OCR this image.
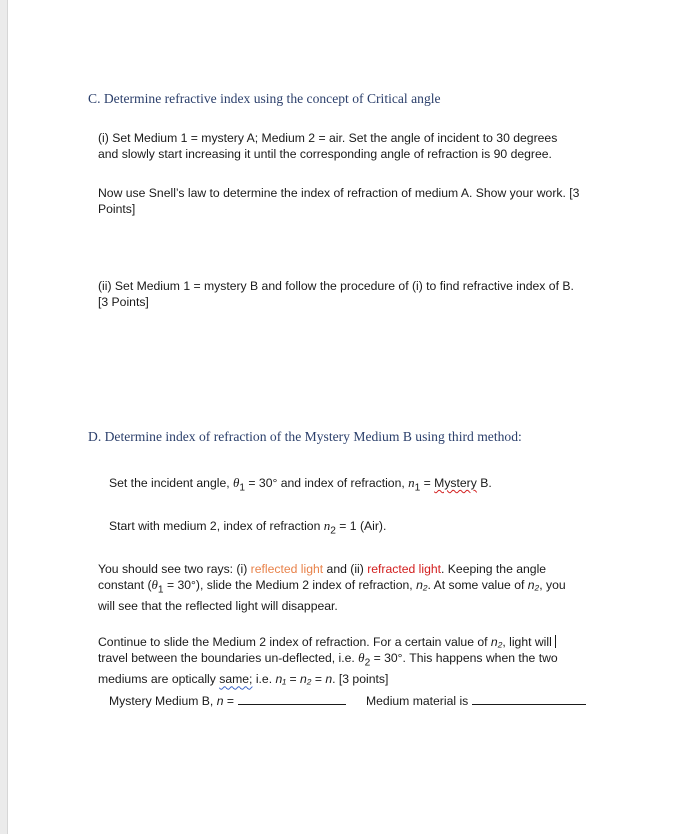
C. Determine refractive index using the concept of Critical angle
(i) Set Medium 1 = mystery A; Medium 2 = air. Set the angle of incident to 30 degrees
and slowly start increasing it until the corresponding angle of refraction is 90 degree.
Now use Snell’s law to determine the index of refraction of medium A. Show your work. [3
Points]
(ii) Set Medium 1 = mystery B and follow the procedure of (i) to find refractive index of B.
[3 Points]
D. Determine index of refraction of the Mystery Medium B using third method:
Set the incident angle, $\theta_1 = 30^\circ$ and index of refraction, $n_1$ = Mystery B.
Start with medium 2, index of refraction $n_2 = 1$ (Air).
You should see two rays: (i) reflected light and (ii) refracted light. Keeping the angle
constant $(\theta_1 = 30^\circ)$, slide the Medium 2 index of refraction, n₂. At some value of n₂, you
will see that the reflected light will disappear.
Continue to slide the Medium 2 index of refraction. For a certain value of n₂, light will
travel between the boundaries un-deflected, i.e. $\theta_2 = 30^\circ$. This happens when the two
mediums are optically same; i.e. n₁ = n₂ = n. [3 points]
Mystery Medium B, n =	Medium material is
